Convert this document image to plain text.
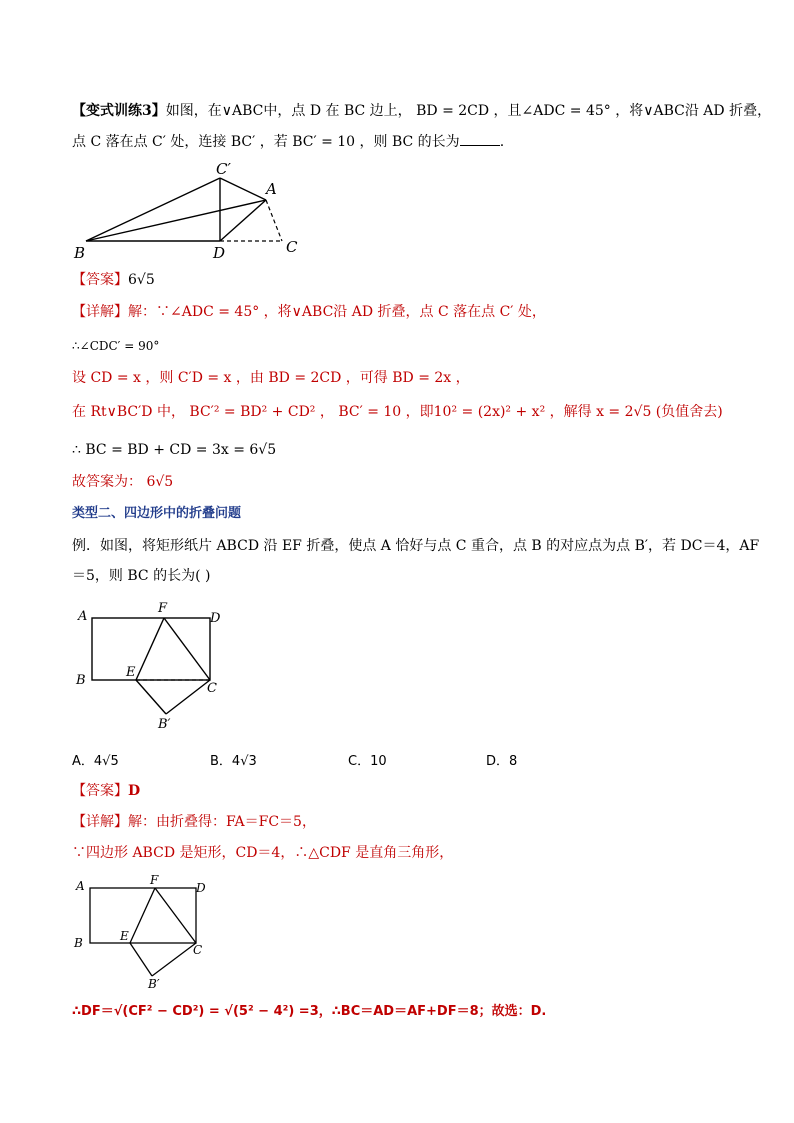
【变式训练3】如图，在∨ABC中，点 D 在 BC 边上， BD = 2CD ，且∠ADC = 45° ，将∨ABC沿 AD 折叠，
点 C 落在点 C′ 处，连接 BC′ ，若 BC′ = 10 ，则 BC 的长为	.
C′
A
B	D	C
【答案】6√5
【详解】解：∵∠ADC = 45° ，将∨ABC沿 AD 折叠，点 C 落在点 C′ 处，
∴∠CDC′ = 90°
设 CD = x ，则 C′D = x ，由 BD = 2CD ，可得 BD = 2x ，
在 Rt∨BC′D 中， BC′² = BD² + CD² ， BC′ = 10 ，即10² = (2x)² + x² ，解得 x = 2√5 (负值舍去)
∴ BC = BD + CD = 3x = 6√5
故答案为： 6√5
类型二、四边形中的折叠问题
例．如图，将矩形纸片 ABCD 沿 EF 折叠，使点 A 恰好与点 C 重合，点 B 的对应点为点 B′，若 DC＝4，AF
＝5，则 BC 的长为( )
A
F
D
B
E
C
B′
A．4√5	B．4√3	C．10	D．8
【答案】D
【详解】解：由折叠得：FA＝FC＝5，
∵四边形 ABCD 是矩形，CD＝4，∴△CDF 是直角三角形，
A	F
D
B	E
C
B′
∴DF＝√(CF² − CD²) = √(5² − 4²) =3，∴BC＝AD＝AF+DF＝8；故选：D.
